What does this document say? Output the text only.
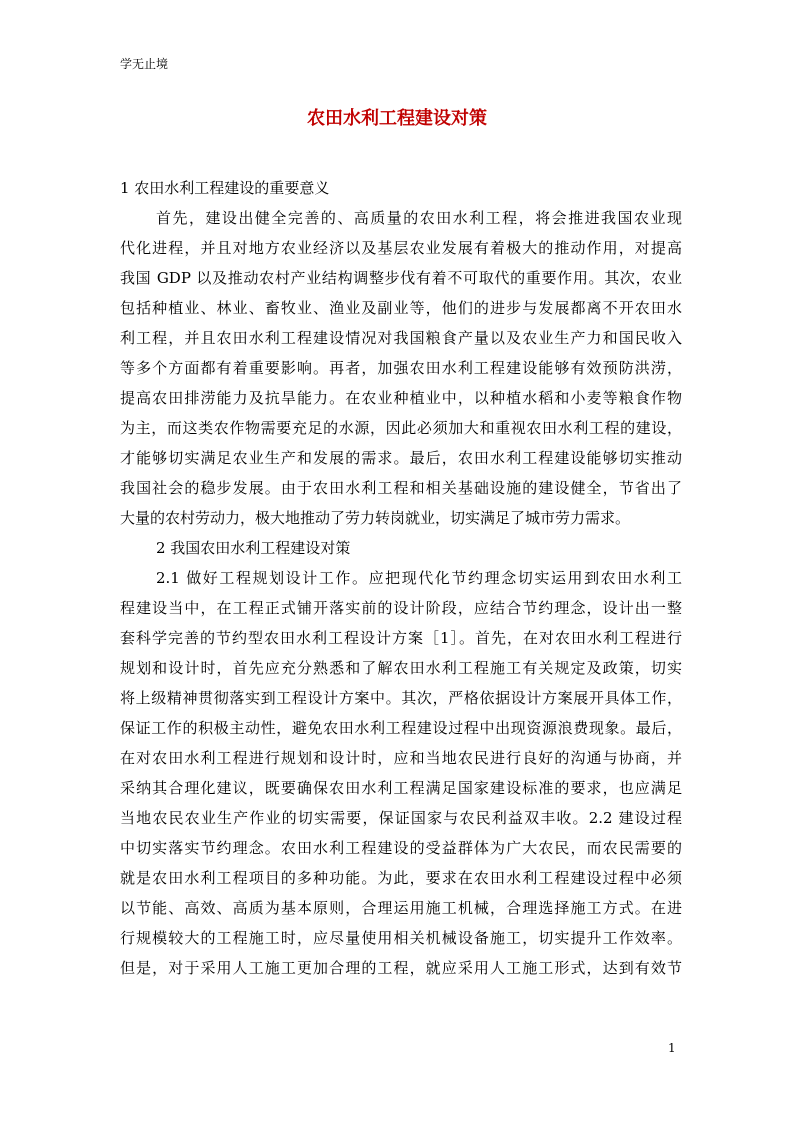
学无止境
农田水利工程建设对策
1 农田水利工程建设的重要意义
首先，建设出健全完善的、高质量的农田水利工程，将会推进我国农业现
代化进程，并且对地方农业经济以及基层农业发展有着极大的推动作用，对提高
我国 GDP 以及推动农村产业结构调整步伐有着不可取代的重要作用。其次，农业
包括种植业、林业、畜牧业、渔业及副业等，他们的进步与发展都离不开农田水
利工程，并且农田水利工程建设情况对我国粮食产量以及农业生产力和国民收入
等多个方面都有着重要影响。再者，加强农田水利工程建设能够有效预防洪涝，
提高农田排涝能力及抗旱能力。在农业种植业中，以种植水稻和小麦等粮食作物
为主，而这类农作物需要充足的水源，因此必须加大和重视农田水利工程的建设，
才能够切实满足农业生产和发展的需求。最后，农田水利工程建设能够切实推动
我国社会的稳步发展。由于农田水利工程和相关基础设施的建设健全，节省出了
大量的农村劳动力，极大地推动了劳力转岗就业，切实满足了城市劳力需求。
2 我国农田水利工程建设对策
2.1 做好工程规划设计工作。应把现代化节约理念切实运用到农田水利工
程建设当中，在工程正式铺开落实前的设计阶段，应结合节约理念，设计出一整
套科学完善的节约型农田水利工程设计方案［1］。首先，在对农田水利工程进行
规划和设计时，首先应充分熟悉和了解农田水利工程施工有关规定及政策，切实
将上级精神贯彻落实到工程设计方案中。其次，严格依据设计方案展开具体工作，
保证工作的积极主动性，避免农田水利工程建设过程中出现资源浪费现象。最后，
在对农田水利工程进行规划和设计时，应和当地农民进行良好的沟通与协商，并
采纳其合理化建议，既要确保农田水利工程满足国家建设标准的要求，也应满足
当地农民农业生产作业的切实需要，保证国家与农民利益双丰收。2.2 建设过程
中切实落实节约理念。农田水利工程建设的受益群体为广大农民，而农民需要的
就是农田水利工程项目的多种功能。为此，要求在农田水利工程建设过程中必须
以节能、高效、高质为基本原则，合理运用施工机械，合理选择施工方式。在进
行规模较大的工程施工时，应尽量使用相关机械设备施工，切实提升工作效率。
但是，对于采用人工施工更加合理的工程，就应采用人工施工形式，达到有效节
1
